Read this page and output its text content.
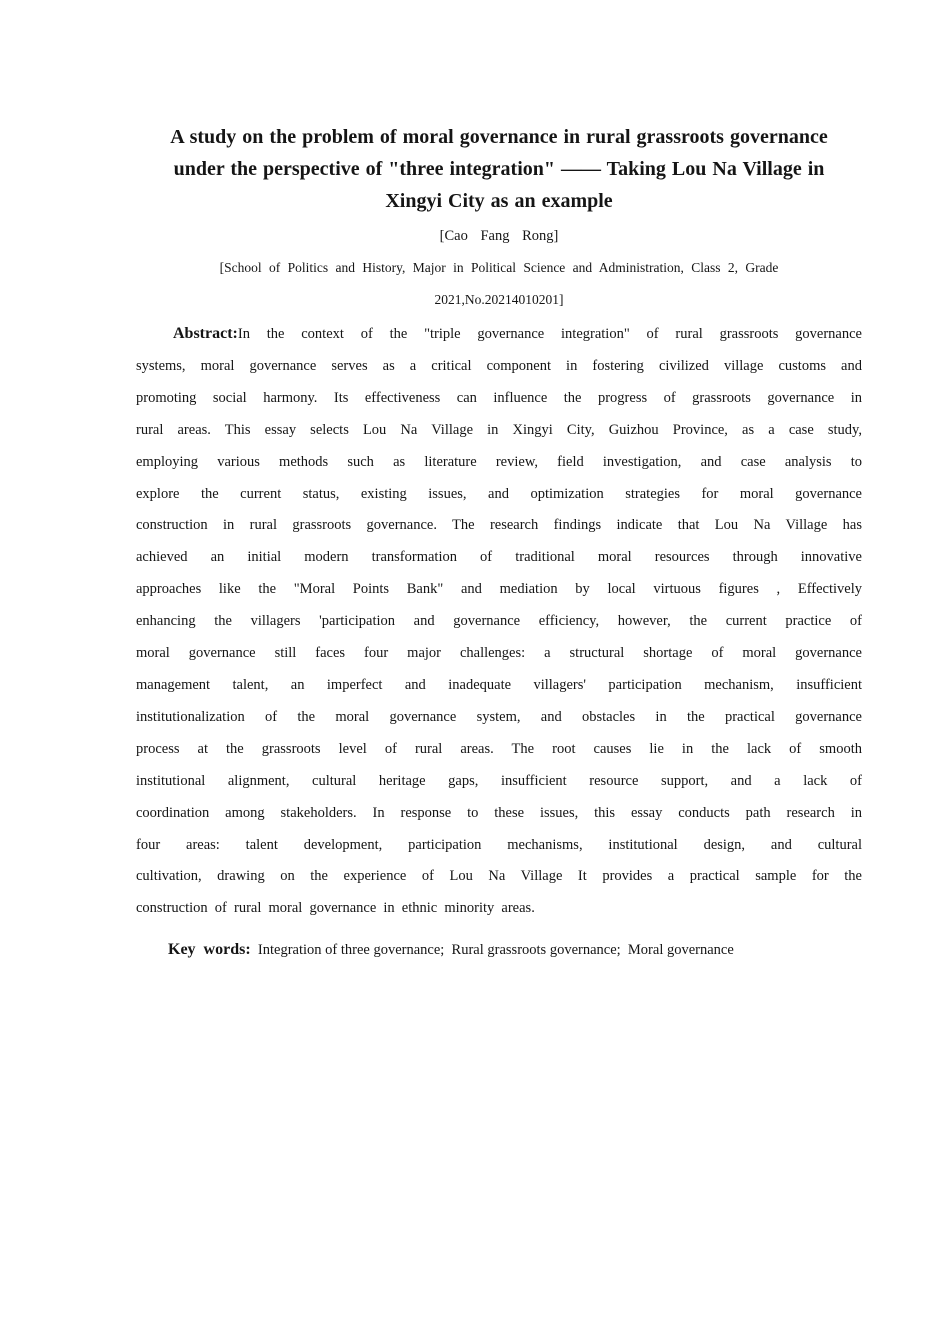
A study on the problem of moral governance in rural grassroots governance
under the perspective of "three integration" —— Taking Lou Na Village in
Xingyi City as an example
[Cao Fang Rong]
[School of Politics and History, Major in Political Science and Administration, Class 2, Grade
2021,No.20214010201]
Abstract:In the context of the "triple governance integration" of rural grassroots governance
systems, moral governance serves as a critical component in fostering civilized village customs and
promoting social harmony. Its effectiveness can influence the progress of grassroots governance in
rural areas. This essay selects Lou Na Village in Xingyi City, Guizhou Province, as a case study,
employing various methods such as literature review, field investigation, and case analysis to
explore the current status, existing issues, and optimization strategies for moral governance
construction in rural grassroots governance. The research findings indicate that Lou Na Village has
achieved an initial modern transformation of traditional moral resources through innovative
approaches like the "Moral Points Bank" and mediation by local virtuous figures , Effectively
enhancing the villagers 'participation and governance efficiency, however, the current practice of
moral governance still faces four major challenges: a structural shortage of moral governance
management talent, an imperfect and inadequate villagers' participation mechanism, insufficient
institutionalization of the moral governance system, and obstacles in the practical governance
process at the grassroots level of rural areas. The root causes lie in the lack of smooth
institutional alignment, cultural heritage gaps, insufficient resource support, and a lack of
coordination among stakeholders. In response to these issues, this essay conducts path research in
four areas: talent development, participation mechanisms, institutional design, and cultural
cultivation, drawing on the experience of Lou Na Village It provides a practical sample for the
construction of rural moral governance in ethnic minority areas.
Key  words:  Integration of three governance;  Rural grassroots governance;  Moral governance
